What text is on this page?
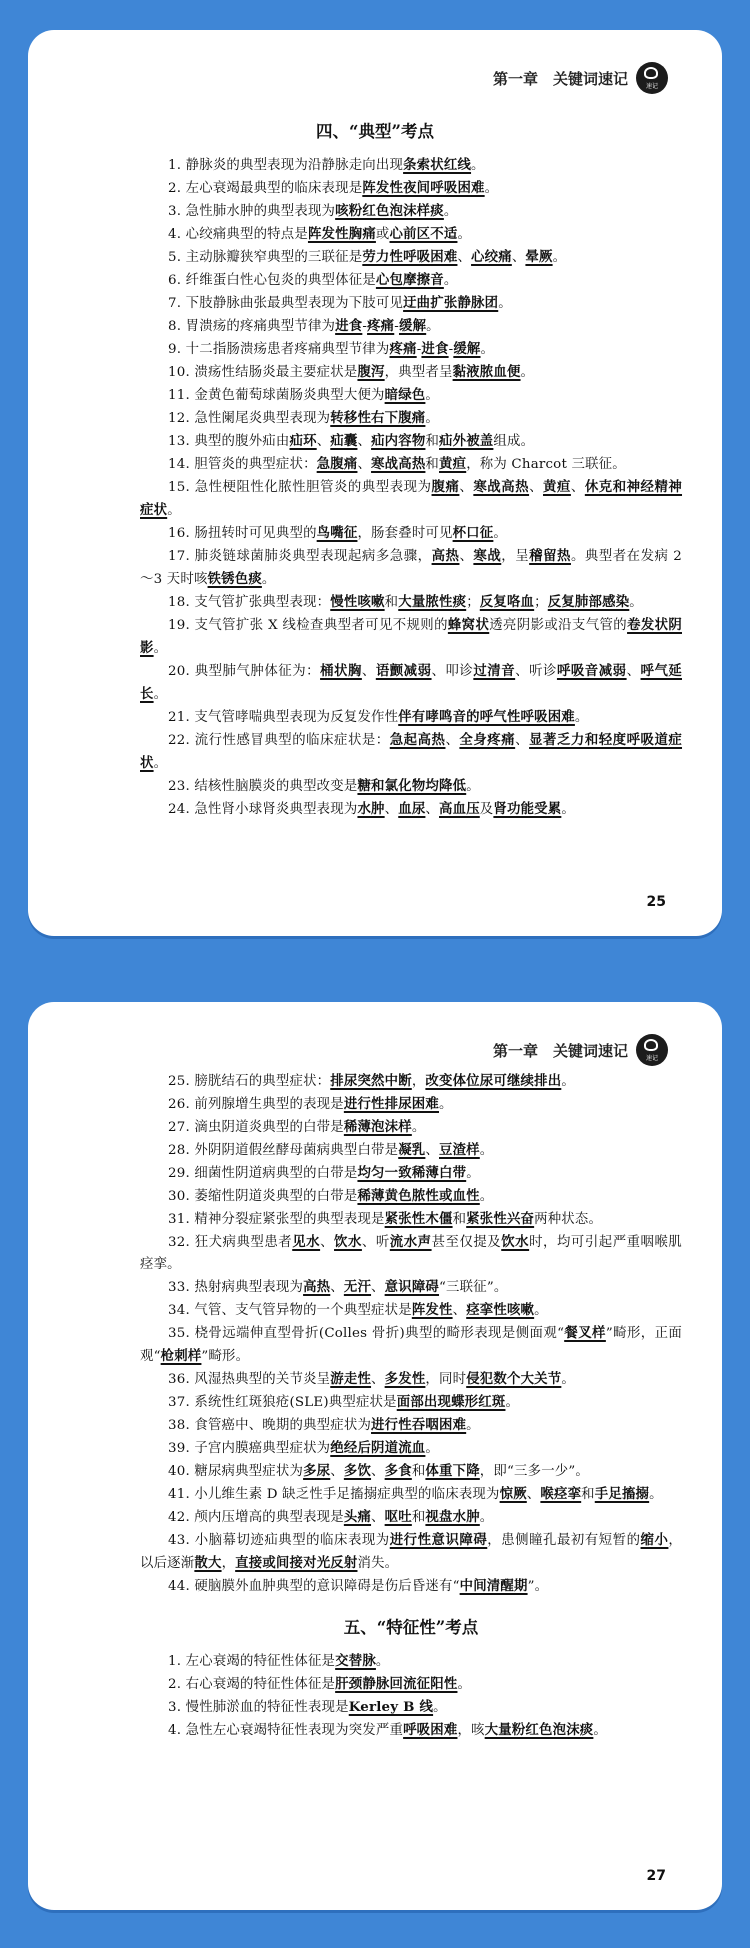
第一章　关键词速记	速记
四、“典型”考点

1. 静脉炎的典型表现为沿静脉走向出现条索状红线。

2. 左心衰竭最典型的临床表现是阵发性夜间呼吸困难。

3. 急性肺水肿的典型表现为咳粉红色泡沫样痰。

4. 心绞痛典型的特点是阵发性胸痛或心前区不适。

5. 主动脉瓣狭窄典型的三联征是劳力性呼吸困难、心绞痛、晕厥。

6. 纤维蛋白性心包炎的典型体征是心包摩擦音。

7. 下肢静脉曲张最典型表现为下肢可见迂曲扩张静脉团。

8. 胃溃疡的疼痛典型节律为进食-疼痛-缓解。

9. 十二指肠溃疡患者疼痛典型节律为疼痛-进食-缓解。

10. 溃疡性结肠炎最主要症状是腹泻，典型者呈黏液脓血便。

11. 金黄色葡萄球菌肠炎典型大便为暗绿色。

12. 急性阑尾炎典型表现为转移性右下腹痛。

13. 典型的腹外疝由疝环、疝囊、疝内容物和疝外被盖组成。

14. 胆管炎的典型症状：急腹痛、寒战高热和黄疸，称为 Charcot 三联征。

15. 急性梗阻性化脓性胆管炎的典型表现为腹痛、寒战高热、黄疸、休克和神经精神症状。

16. 肠扭转时可见典型的鸟嘴征，肠套叠时可见杯口征。

17. 肺炎链球菌肺炎典型表现起病多急骤，高热、寒战，呈稽留热。典型者在发病 2～3 天时咳铁锈色痰。

18. 支气管扩张典型表现：慢性咳嗽和大量脓性痰；反复咯血；反复肺部感染。

19. 支气管扩张 X 线检查典型者可见不规则的蜂窝状透亮阴影或沿支气管的卷发状阴影。

20. 典型肺气肿体征为：桶状胸、语颤减弱、叩诊过清音、听诊呼吸音减弱、呼气延长。

21. 支气管哮喘典型表现为反复发作性伴有哮鸣音的呼气性呼吸困难。

22. 流行性感冒典型的临床症状是：急起高热、全身疼痛、显著乏力和轻度呼吸道症状。

23. 结核性脑膜炎的典型改变是糖和氯化物均降低。

24. 急性肾小球肾炎典型表现为水肿、血尿、高血压及肾功能受累。

25
第一章　关键词速记	速记

25. 膀胱结石的典型症状：排尿突然中断，改变体位尿可继续排出。

26. 前列腺增生典型的表现是进行性排尿困难。

27. 滴虫阴道炎典型的白带是稀薄泡沫样。

28. 外阴阴道假丝酵母菌病典型白带是凝乳、豆渣样。

29. 细菌性阴道病典型的白带是均匀一致稀薄白带。

30. 萎缩性阴道炎典型的白带是稀薄黄色脓性或血性。

31. 精神分裂症紧张型的典型表现是紧张性木僵和紧张性兴奋两种状态。

32. 狂犬病典型患者见水、饮水、听流水声甚至仅提及饮水时，均可引起严重咽喉肌痉挛。

33. 热射病典型表现为高热、无汗、意识障碍“三联征”。

34. 气管、支气管异物的一个典型症状是阵发性、痉挛性咳嗽。

35. 桡骨远端伸直型骨折(Colles 骨折)典型的畸形表现是侧面观“餐叉样”畸形，正面观“枪刺样”畸形。

36. 风湿热典型的关节炎呈游走性、多发性，同时侵犯数个大关节。

37. 系统性红斑狼疮(SLE)典型症状是面部出现蝶形红斑。

38. 食管癌中、晚期的典型症状为进行性吞咽困难。

39. 子宫内膜癌典型症状为绝经后阴道流血。

40. 糖尿病典型症状为多尿、多饮、多食和体重下降，即“三多一少”。

41. 小儿维生素 D 缺乏性手足搐搦症典型的临床表现为惊厥、喉痉挛和手足搐搦。

42. 颅内压增高的典型表现是头痛、呕吐和视盘水肿。

43. 小脑幕切迹疝典型的临床表现为进行性意识障碍，患侧瞳孔最初有短暂的缩小，以后逐渐散大，直接或间接对光反射消失。

44. 硬脑膜外血肿典型的意识障碍是伤后昏迷有“中间清醒期”。

五、“特征性”考点

1. 左心衰竭的特征性体征是交替脉。

2. 右心衰竭的特征性体征是肝颈静脉回流征阳性。

3. 慢性肺淤血的特征性表现是Kerley B 线。

4. 急性左心衰竭特征性表现为突发严重呼吸困难，咳大量粉红色泡沫痰。

27
